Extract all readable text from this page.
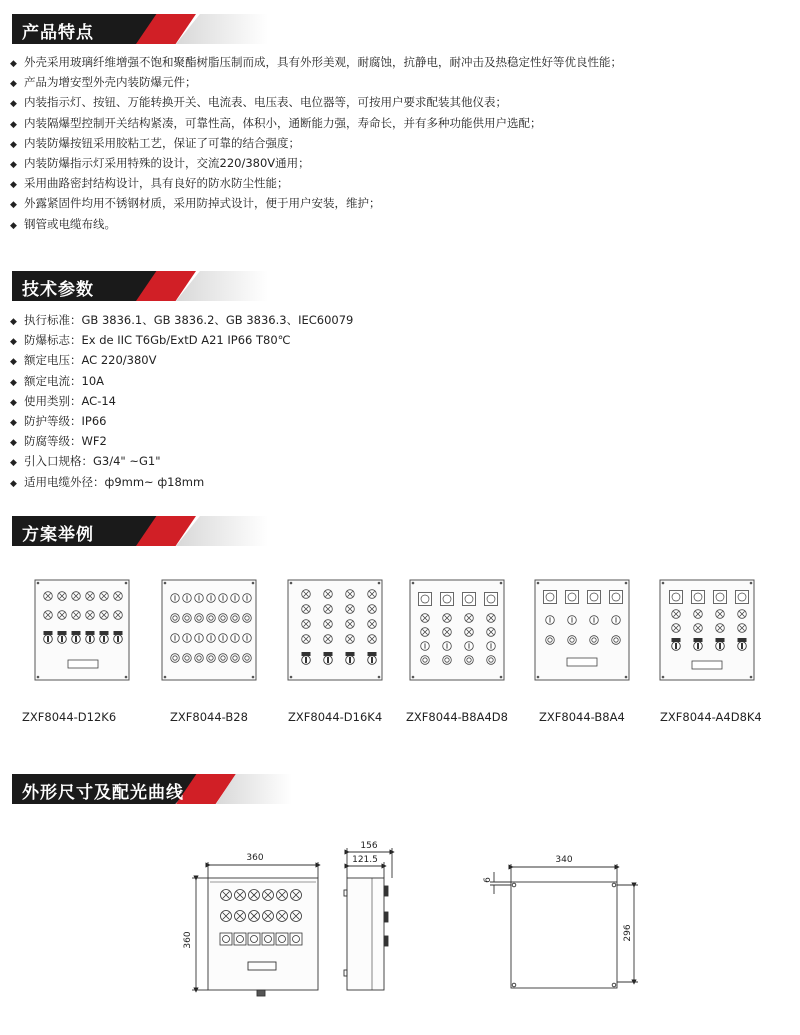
产品特点
◆ 外壳采用玻璃纤维增强不饱和聚酯树脂压制而成，具有外形美观，耐腐蚀，抗静电，耐冲击及热稳定性好等优良性能；
◆ 产品为增安型外壳内装防爆元件；
◆ 内装指示灯、按钮、万能转换开关、电流表、电压表、电位器等，可按用户要求配装其他仪表；
◆ 内装隔爆型控制开关结构紧凑，可靠性高，体积小，通断能力强，寿命长，并有多种功能供用户选配；
◆ 内装防爆按钮采用胶粘工艺，保证了可靠的结合强度；
◆ 内装防爆指示灯采用特殊的设计，交流220/380V通用；
◆ 采用曲路密封结构设计，具有良好的防水防尘性能；
◆ 外露紧固件均用不锈钢材质，采用防掉式设计，便于用户安装，维护；
◆ 钢管或电缆布线。
技术参数
◆ 执行标准：GB 3836.1、GB 3836.2、GB 3836.3、IEC60079
◆ 防爆标志：Ex de IIC T6Gb/ExtD A21 IP66 T80℃
◆ 额定电压：AC 220/380V
◆ 额定电流：10A
◆ 使用类别：AC-14
◆ 防护等级：IP66
◆ 防腐等级：WF2
◆ 引入口规格：G3/4" ~G1"
◆ 适用电缆外径：ф9mm~ ф18mm
方案举例
ZXF8044-D12K6	ZXF8044-B28	ZXF8044-D16K4 ZXF8044-B8A4D8	ZXF8044-B8A4	ZXF8044-A4D8K4
外形尺寸及配光曲线
360
360
156
121.5	340
296
6
